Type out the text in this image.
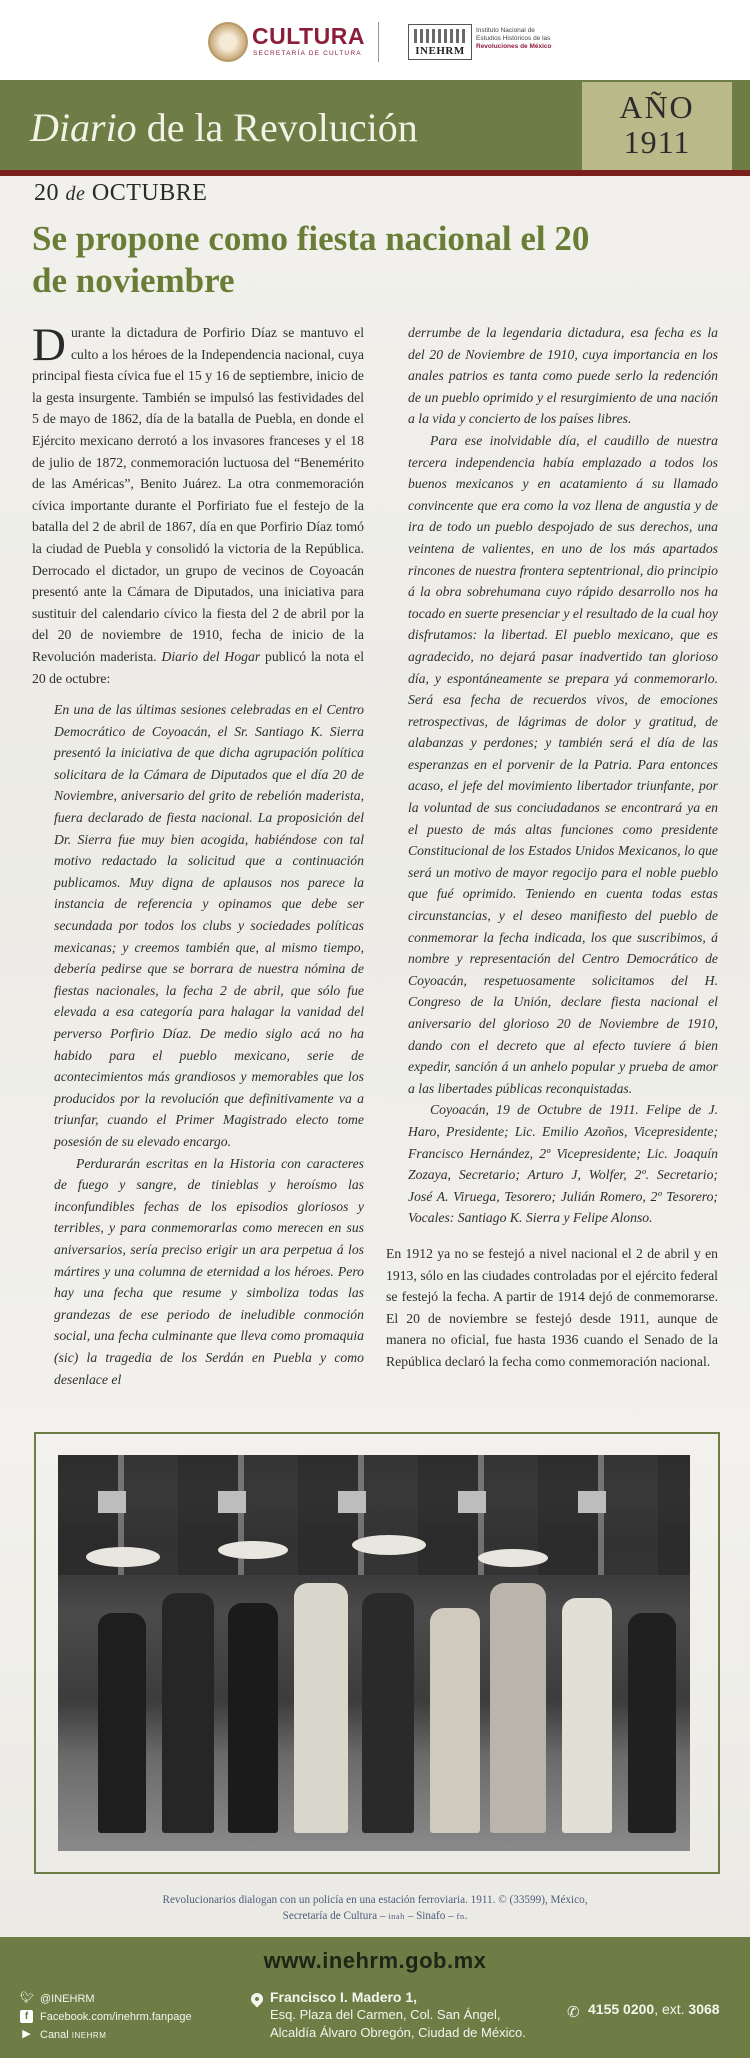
CULTURA
SECRETARÍA DE CULTURA	INEHRM
Instituto Nacional de
Estudios Históricos de las
Revoluciones de México
Diario de la Revolución	AÑO
1911
20 de OCTUBRE
Se propone como fiesta nacional el 20 de noviembre

Durante la dictadura de Porfirio Díaz se mantuvo el culto a los héroes de la Independencia nacional, cuya principal fiesta cívica fue el 15 y 16 de septiembre, inicio de la gesta insurgente. También se impulsó las festividades del 5 de mayo de 1862, día de la batalla de Puebla, en donde el Ejército mexicano derrotó a los invasores franceses y el 18 de julio de 1872, conmemoración luctuosa del “Benemérito de las Américas”, Benito Juárez. La otra conmemoración cívica importante durante el Porfiriato fue el festejo de la batalla del 2 de abril de 1867, día en que Porfirio Díaz tomó la ciudad de Puebla y consolidó la victoria de la República. Derrocado el dictador, un grupo de vecinos de Coyoacán presentó ante la Cámara de Diputados, una iniciativa para sustituir del calendario cívico la fiesta del 2 de abril por la del 20 de noviembre de 1910, fecha de inicio de la Revolución maderista. Diario del Hogar publicó la nota el 20 de octubre:

En una de las últimas sesiones celebradas en el Centro Democrático de Coyoacán, el Sr. Santiago K. Sierra presentó la iniciativa de que dicha agrupación política solicitara de la Cámara de Diputados que el día 20 de Noviembre, aniversario del grito de rebelión maderista, fuera declarado de fiesta nacional. La proposición del Dr. Sierra fue muy bien acogida, habiéndose con tal motivo redactado la solicitud que a continuación publicamos. Muy digna de aplausos nos parece la instancia de referencia y opinamos que debe ser secundada por todos los clubs y sociedades políticas mexicanas; y creemos también que, al mismo tiempo, debería pedirse que se borrara de nuestra nómina de fiestas nacionales, la fecha 2 de abril, que sólo fue elevada a esa categoría para halagar la vanidad del perverso Porfirio Díaz. De medio siglo acá no ha habido para el pueblo mexicano, serie de acontecimientos más grandiosos y memorables que los producidos por la revolución que definitivamente va a triunfar, cuando el Primer Magistrado electo tome posesión de su elevado encargo.

Perdurarán escritas en la Historia con caracteres de fuego y sangre, de tinieblas y heroísmo las inconfundibles fechas de los episodios gloriosos y terribles, y para conmemorarlas como merecen en sus aniversarios, sería preciso erigir un ara perpetua á los mártires y una columna de eternidad a los héroes. Pero hay una fecha que resume y simboliza todas las grandezas de ese periodo de ineludible conmoción social, una fecha culminante que lleva como promaquia (sic) la tragedia de los Serdán en Puebla y como desenlace el

derrumbe de la legendaria dictadura, esa fecha es la del 20 de Noviembre de 1910, cuya importancia en los anales patrios es tanta como puede serlo la redención de un pueblo oprimido y el resurgimiento de una nación a la vida y concierto de los países libres.

Para ese inolvidable día, el caudillo de nuestra tercera independencia había emplazado a todos los buenos mexicanos y en acatamiento á su llamado convincente que era como la voz llena de angustia y de ira de todo un pueblo despojado de sus derechos, una veintena de valientes, en uno de los más apartados rincones de nuestra frontera septentrional, dio principio á la obra sobrehumana cuyo rápido desarrollo nos ha tocado en suerte presenciar y el resultado de la cual hoy disfrutamos: la libertad. El pueblo mexicano, que es agradecido, no dejará pasar inadvertido tan glorioso día, y espontáneamente se prepara yá conmemorarlo. Será esa fecha de recuerdos vivos, de emociones retrospectivas, de lágrimas de dolor y gratitud, de alabanzas y perdones; y también será el día de las esperanzas en el porvenir de la Patria. Para entonces acaso, el jefe del movimiento libertador triunfante, por la voluntad de sus conciudadanos se encontrará ya en el puesto de más altas funciones como presidente Constitucional de los Estados Unidos Mexicanos, lo que será un motivo de mayor regocijo para el noble pueblo que fué oprimido. Teniendo en cuenta todas estas circunstancias, y el deseo manifiesto del pueblo de conmemorar la fecha indicada, los que suscribimos, á nombre y representación del Centro Democrático de Coyoacán, respetuosamente solicitamos del H. Congreso de la Unión, declare fiesta nacional el aniversario del glorioso 20 de Noviembre de 1910, dando con el decreto que al efecto tuviere á bien expedir, sanción á un anhelo popular y prueba de amor a las libertades públicas reconquistadas.

Coyoacán, 19 de Octubre de 1911. Felipe de J. Haro, Presidente; Lic. Emilio Azoños, Vicepresidente; Francisco Hernández, 2º Vicepresidente; Lic. Joaquín Zozaya, Secretario; Arturo J, Wolfer, 2º. Secretario; José A. Viruega, Tesorero; Julián Romero, 2º Tesorero; Vocales: Santiago K. Sierra y Felipe Alonso.

En 1912 ya no se festejó a nivel nacional el 2 de abril y en 1913, sólo en las ciudades controladas por el ejército federal se festejó la fecha. A partir de 1914 dejó de conmemorarse. El 20 de noviembre se festejó desde 1911, aunque de manera no oficial, fue hasta 1936 cuando el Senado de la República declaró la fecha como conmemoración nacional.

Revolucionarios dialogan con un policía en una estación ferroviaria. 1911. © (33599), México,
Secretaría de Cultura – inah – Sinafo – fn.
www.inehrm.gob.mx
🐦︎ @INEHRM
f	Facebook.com/inehrm.fanpage
▶ Canal INEHRM
Francisco I. Madero 1,
Esq. Plaza del Carmen, Col. San Ángel,
Alcaldía Álvaro Obregón, Ciudad de México.
✆ 4155 0200, ext. 3068
